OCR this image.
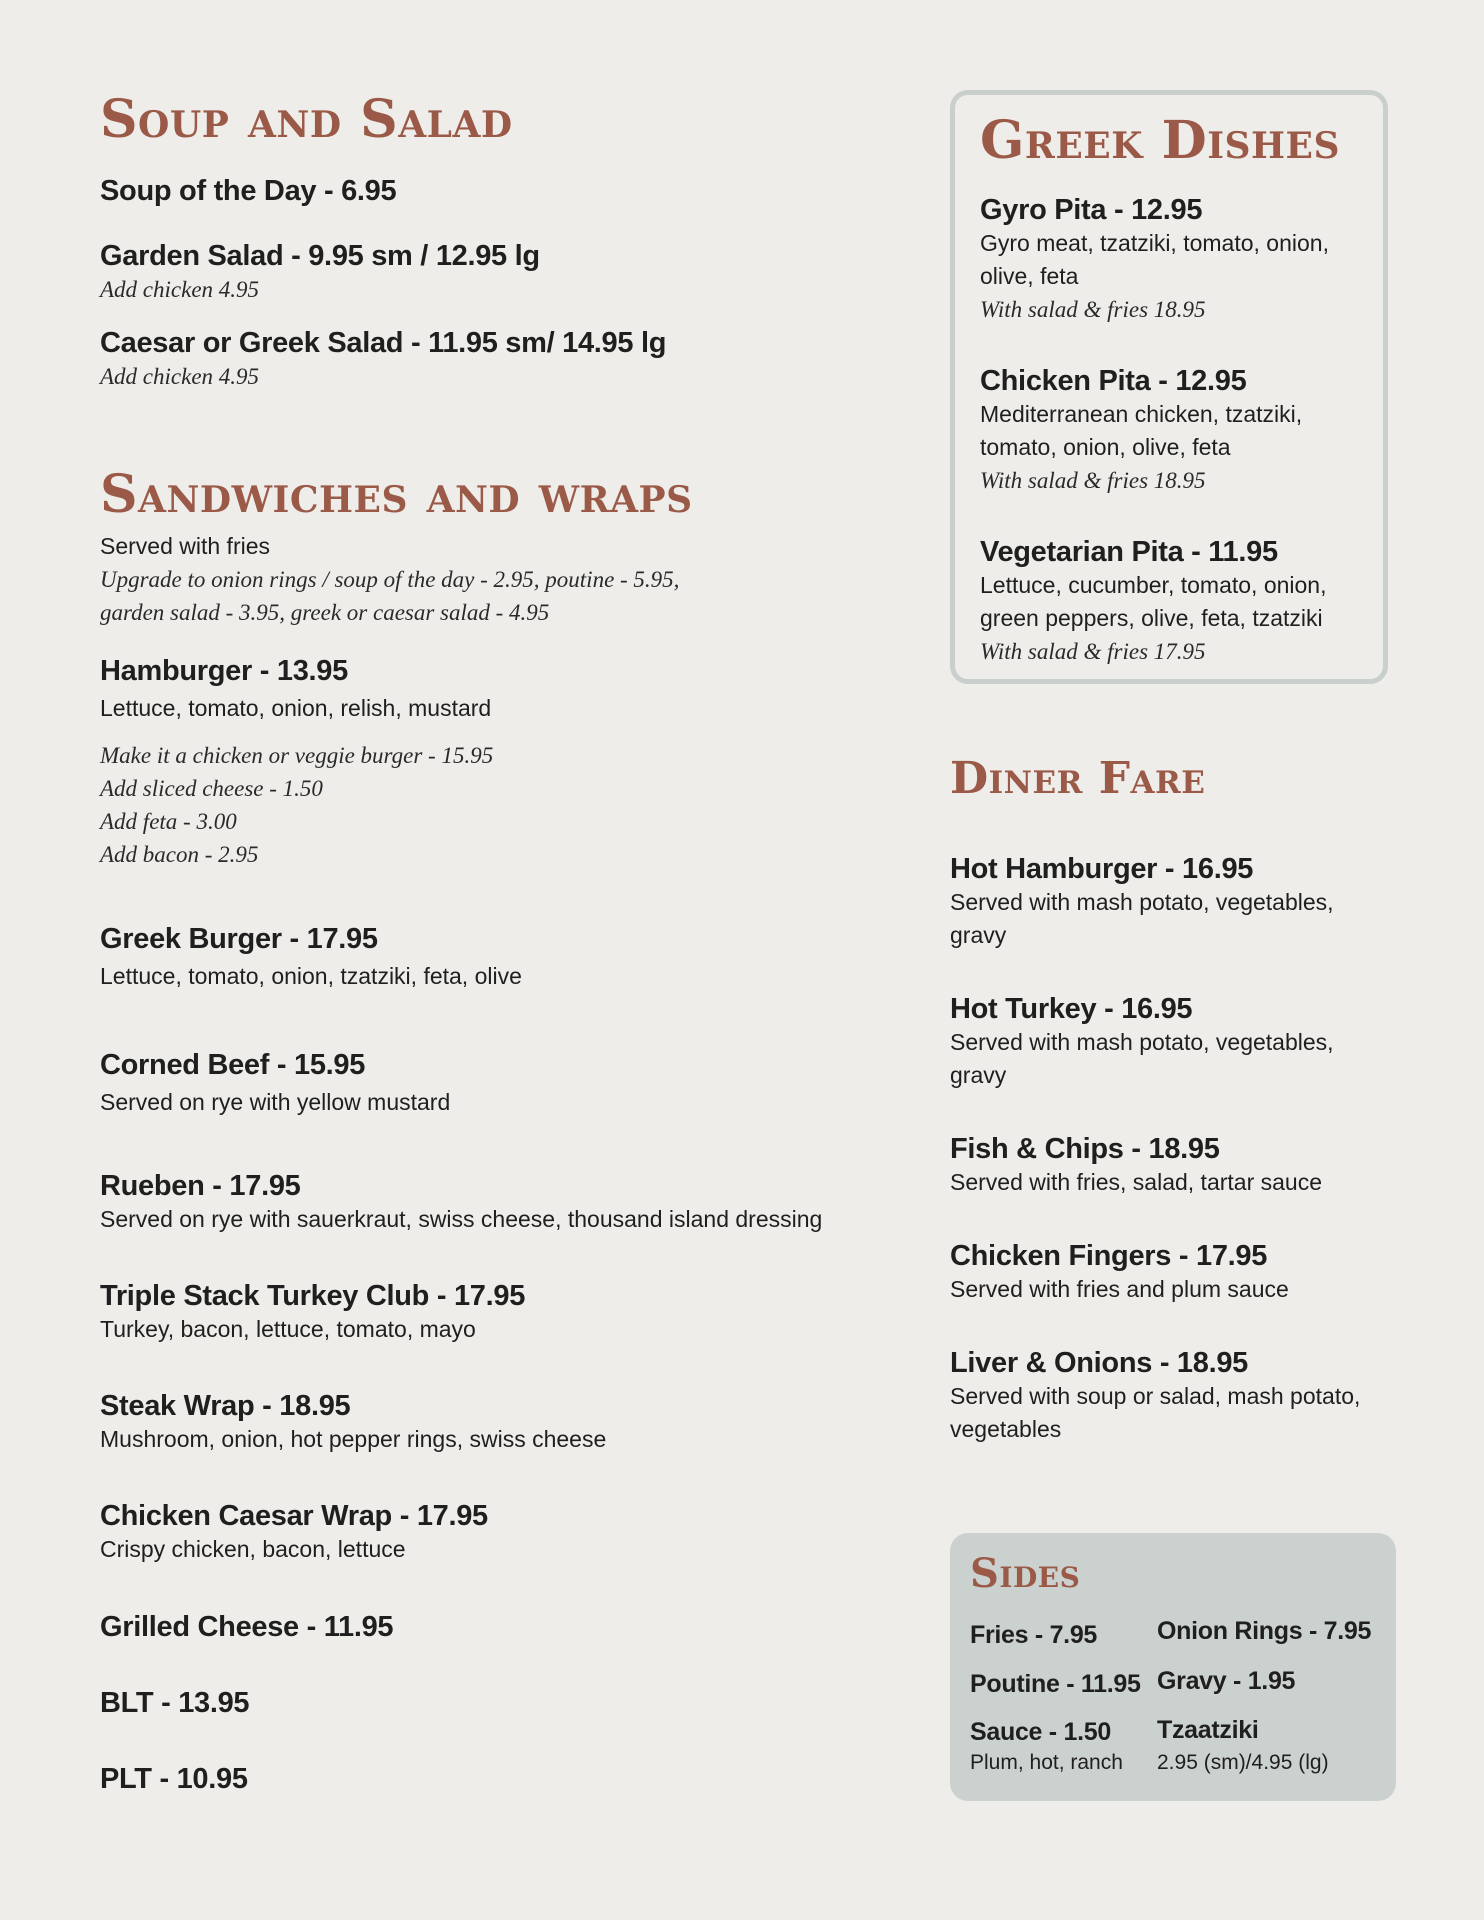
Soup and Salad

Soup of the Day - 6.95

Garden Salad - 9.95 sm / 12.95 lg

Add chicken 4.95

Caesar or Greek Salad - 11.95 sm/ 14.95 lg

Add chicken 4.95

Sandwiches and wraps

Served with fries

Upgrade to onion rings / soup of the day - 2.95, poutine - 5.95,

garden salad - 3.95, greek or caesar salad - 4.95

Hamburger - 13.95

Lettuce, tomato, onion, relish, mustard

Make it a chicken or veggie burger - 15.95

Add sliced cheese - 1.50

Add feta - 3.00

Add bacon - 2.95

Greek Burger - 17.95

Lettuce, tomato, onion, tzatziki, feta, olive

Corned Beef - 15.95

Served on rye with yellow mustard

Rueben - 17.95

Served on rye with sauerkraut, swiss cheese, thousand island dressing

Triple Stack Turkey Club - 17.95

Turkey, bacon, lettuce, tomato, mayo

Steak Wrap - 18.95

Mushroom, onion, hot pepper rings, swiss cheese

Chicken Caesar Wrap - 17.95

Crispy chicken, bacon, lettuce

Grilled Cheese - 11.95

BLT - 13.95

PLT - 10.95

Greek Dishes

Gyro Pita - 12.95

Gyro meat, tzatziki, tomato, onion,

olive, feta

With salad & fries 18.95

Chicken Pita - 12.95

Mediterranean chicken, tzatziki,

tomato, onion, olive, feta

With salad & fries 18.95

Vegetarian Pita - 11.95

Lettuce, cucumber, tomato, onion,

green peppers, olive, feta, tzatziki

With salad & fries 17.95

Diner Fare

Hot Hamburger - 16.95

Served with mash potato, vegetables,

gravy

Hot Turkey - 16.95

Served with mash potato, vegetables,

gravy

Fish & Chips - 18.95

Served with fries, salad, tartar sauce

Chicken Fingers - 17.95

Served with fries and plum sauce

Liver & Onions - 18.95

Served with soup or salad, mash potato,

vegetables

Sides
Fries - 7.95 Onion Rings - 7.95
Poutine - 11.95 Gravy - 1.95
Sauce - 1.50
Plum, hot, ranch
Tzaatziki
2.95 (sm)/4.95 (lg)
